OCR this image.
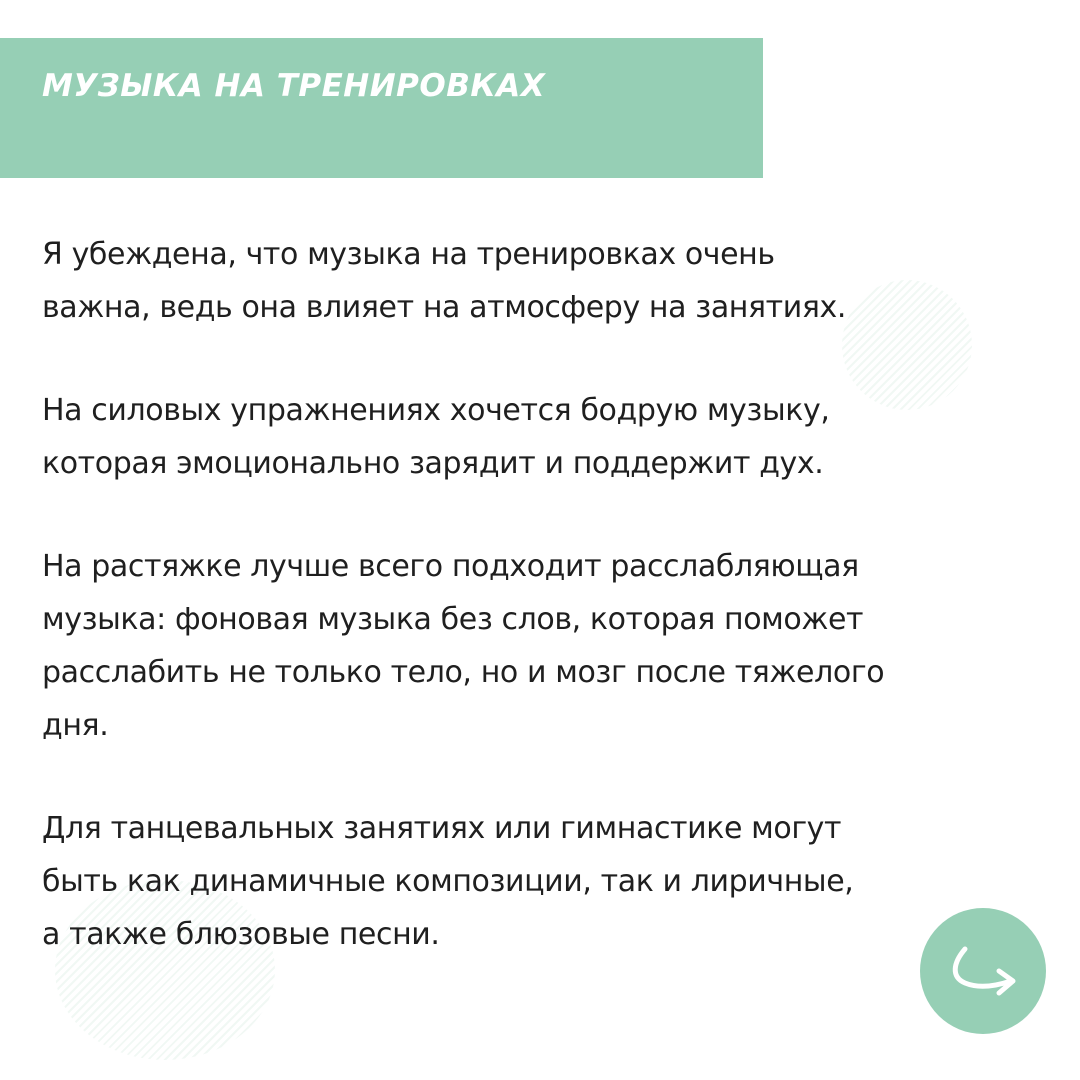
МУЗЫКА НА ТРЕНИРОВКАХ

Я убеждена, что музыка на тренировках очень
важна, ведь она влияет на атмосферу на занятиях.

На силовых упражнениях хочется бодрую музыку,
которая эмоционально зарядит и поддержит дух.

На растяжке лучше всего подходит расслабляющая
музыка: фоновая музыка без слов, которая поможет
расслабить не только тело, но и мозг после тяжелого
дня.

Для танцевальных занятиях или гимнастике могут
быть как динамичные композиции, так и лиричные,
а также блюзовые песни.
